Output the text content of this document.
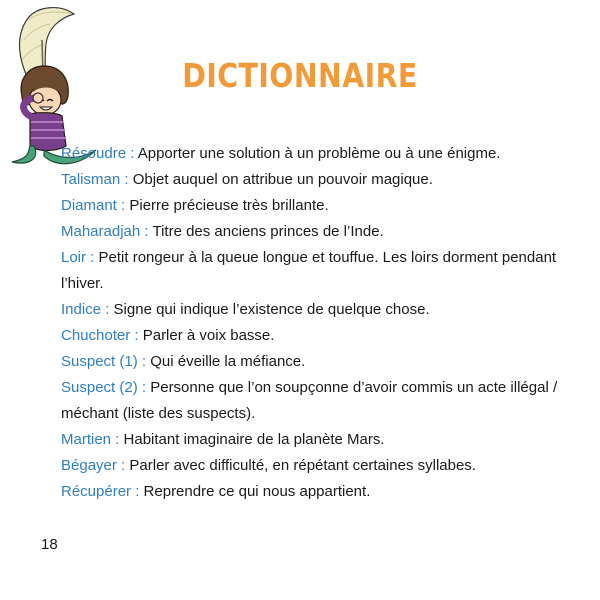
DICTIONNAIRE
Résoudre : Apporter une solution à un problème ou à une énigme.
Talisman : Objet auquel on attribue un pouvoir magique.
Diamant : Pierre précieuse très brillante.
Maharadjah : Titre des anciens princes de l’Inde.
Loir : Petit rongeur à la queue longue et touffue. Les loirs dorment pendant l’hiver.
Indice : Signe qui indique l’existence de quelque chose.
Chuchoter : Parler à voix basse.
Suspect (1) : Qui éveille la méfiance.
Suspect (2) : Personne que l’on soupçonne d’avoir commis un acte illégal / méchant (liste des suspects).
Martien : Habitant imaginaire de la planète Mars.
Bégayer : Parler avec difficulté, en répétant certaines syllabes.
Récupérer : Reprendre ce qui nous appartient.
18
